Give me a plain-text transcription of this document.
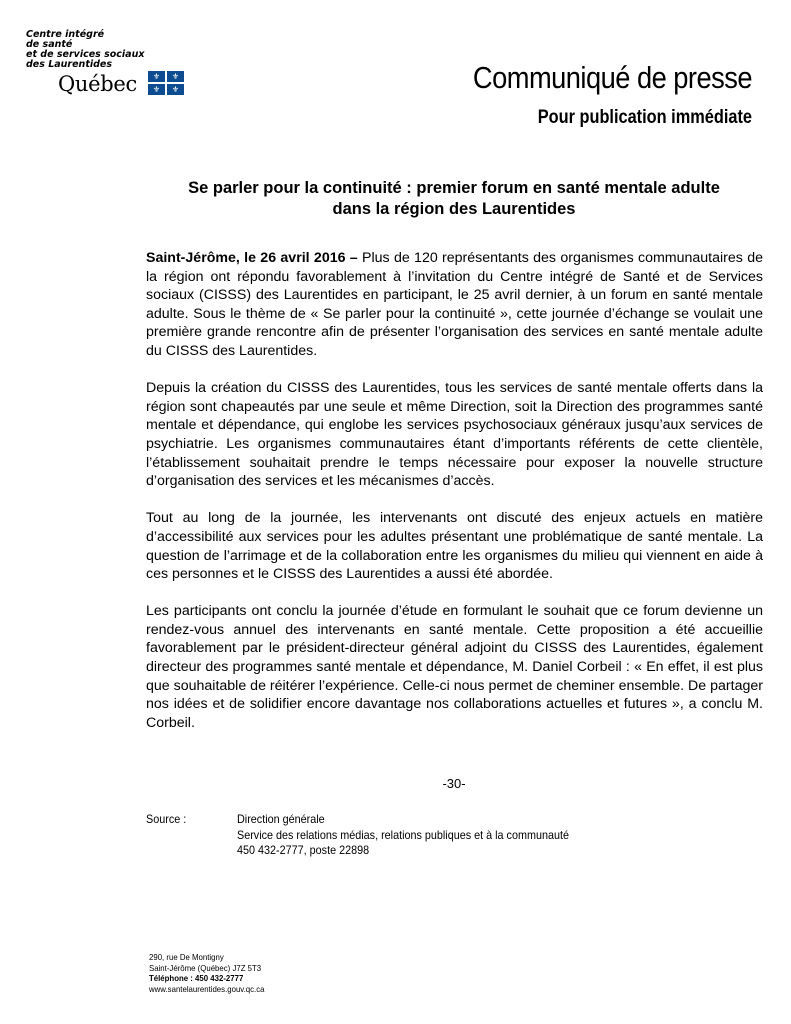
Centre intégré
de santé
et de services sociaux
des Laurentides
Québec	⚜	⚜
⚜	⚜	Communiqué de presse
Pour publication immédiate
Se parler pour la continuité : premier forum en santé mentale adulte
dans la région des Laurentides

Saint-Jérôme, le 26 avril 2016 – Plus de 120 représentants des organismes communautaires de la région ont répondu favorablement à l’invitation du Centre intégré de Santé et de Services sociaux (CISSS) des Laurentides en participant, le 25 avril dernier, à un forum en santé mentale adulte. Sous le thème de « Se parler pour la continuité », cette journée d’échange se voulait une première grande rencontre afin de présenter l’organisation des services en santé mentale adulte du CISSS des Laurentides.

Depuis la création du CISSS des Laurentides, tous les services de santé mentale offerts dans la région sont chapeautés par une seule et même Direction, soit la Direction des programmes santé mentale et dépendance, qui englobe les services psychosociaux généraux jusqu’aux services de psychiatrie. Les organismes communautaires étant d’importants référents de cette clientèle, l’établissement souhaitait prendre le temps nécessaire pour exposer la nouvelle structure d’organisation des services et les mécanismes d’accès.

Tout au long de la journée, les intervenants ont discuté des enjeux actuels en matière d’accessibilité aux services pour les adultes présentant une problématique de santé mentale. La question de l’arrimage et de la collaboration entre les organismes du milieu qui viennent en aide à ces personnes et le CISSS des Laurentides a aussi été abordée.

Les participants ont conclu la journée d’étude en formulant le souhait que ce forum devienne un rendez-vous annuel des intervenants en santé mentale. Cette proposition a été accueillie favorablement par le président-directeur général adjoint du CISSS des Laurentides, également directeur des programmes santé mentale et dépendance, M. Daniel Corbeil : « En effet, il est plus que souhaitable de réitérer l’expérience. Celle-ci nous permet de cheminer ensemble. De partager nos idées et de solidifier encore davantage nos collaborations actuelles et futures », a conclu M. Corbeil.

-30-
Source :	Direction générale
Service des relations médias, relations publiques et à la communauté
450 432-2777, poste 22898
290, rue De Montigny
Saint-Jérôme (Québec) J7Z 5T3
Téléphone : 450 432-2777
www.santelaurentides.gouv.qc.ca
